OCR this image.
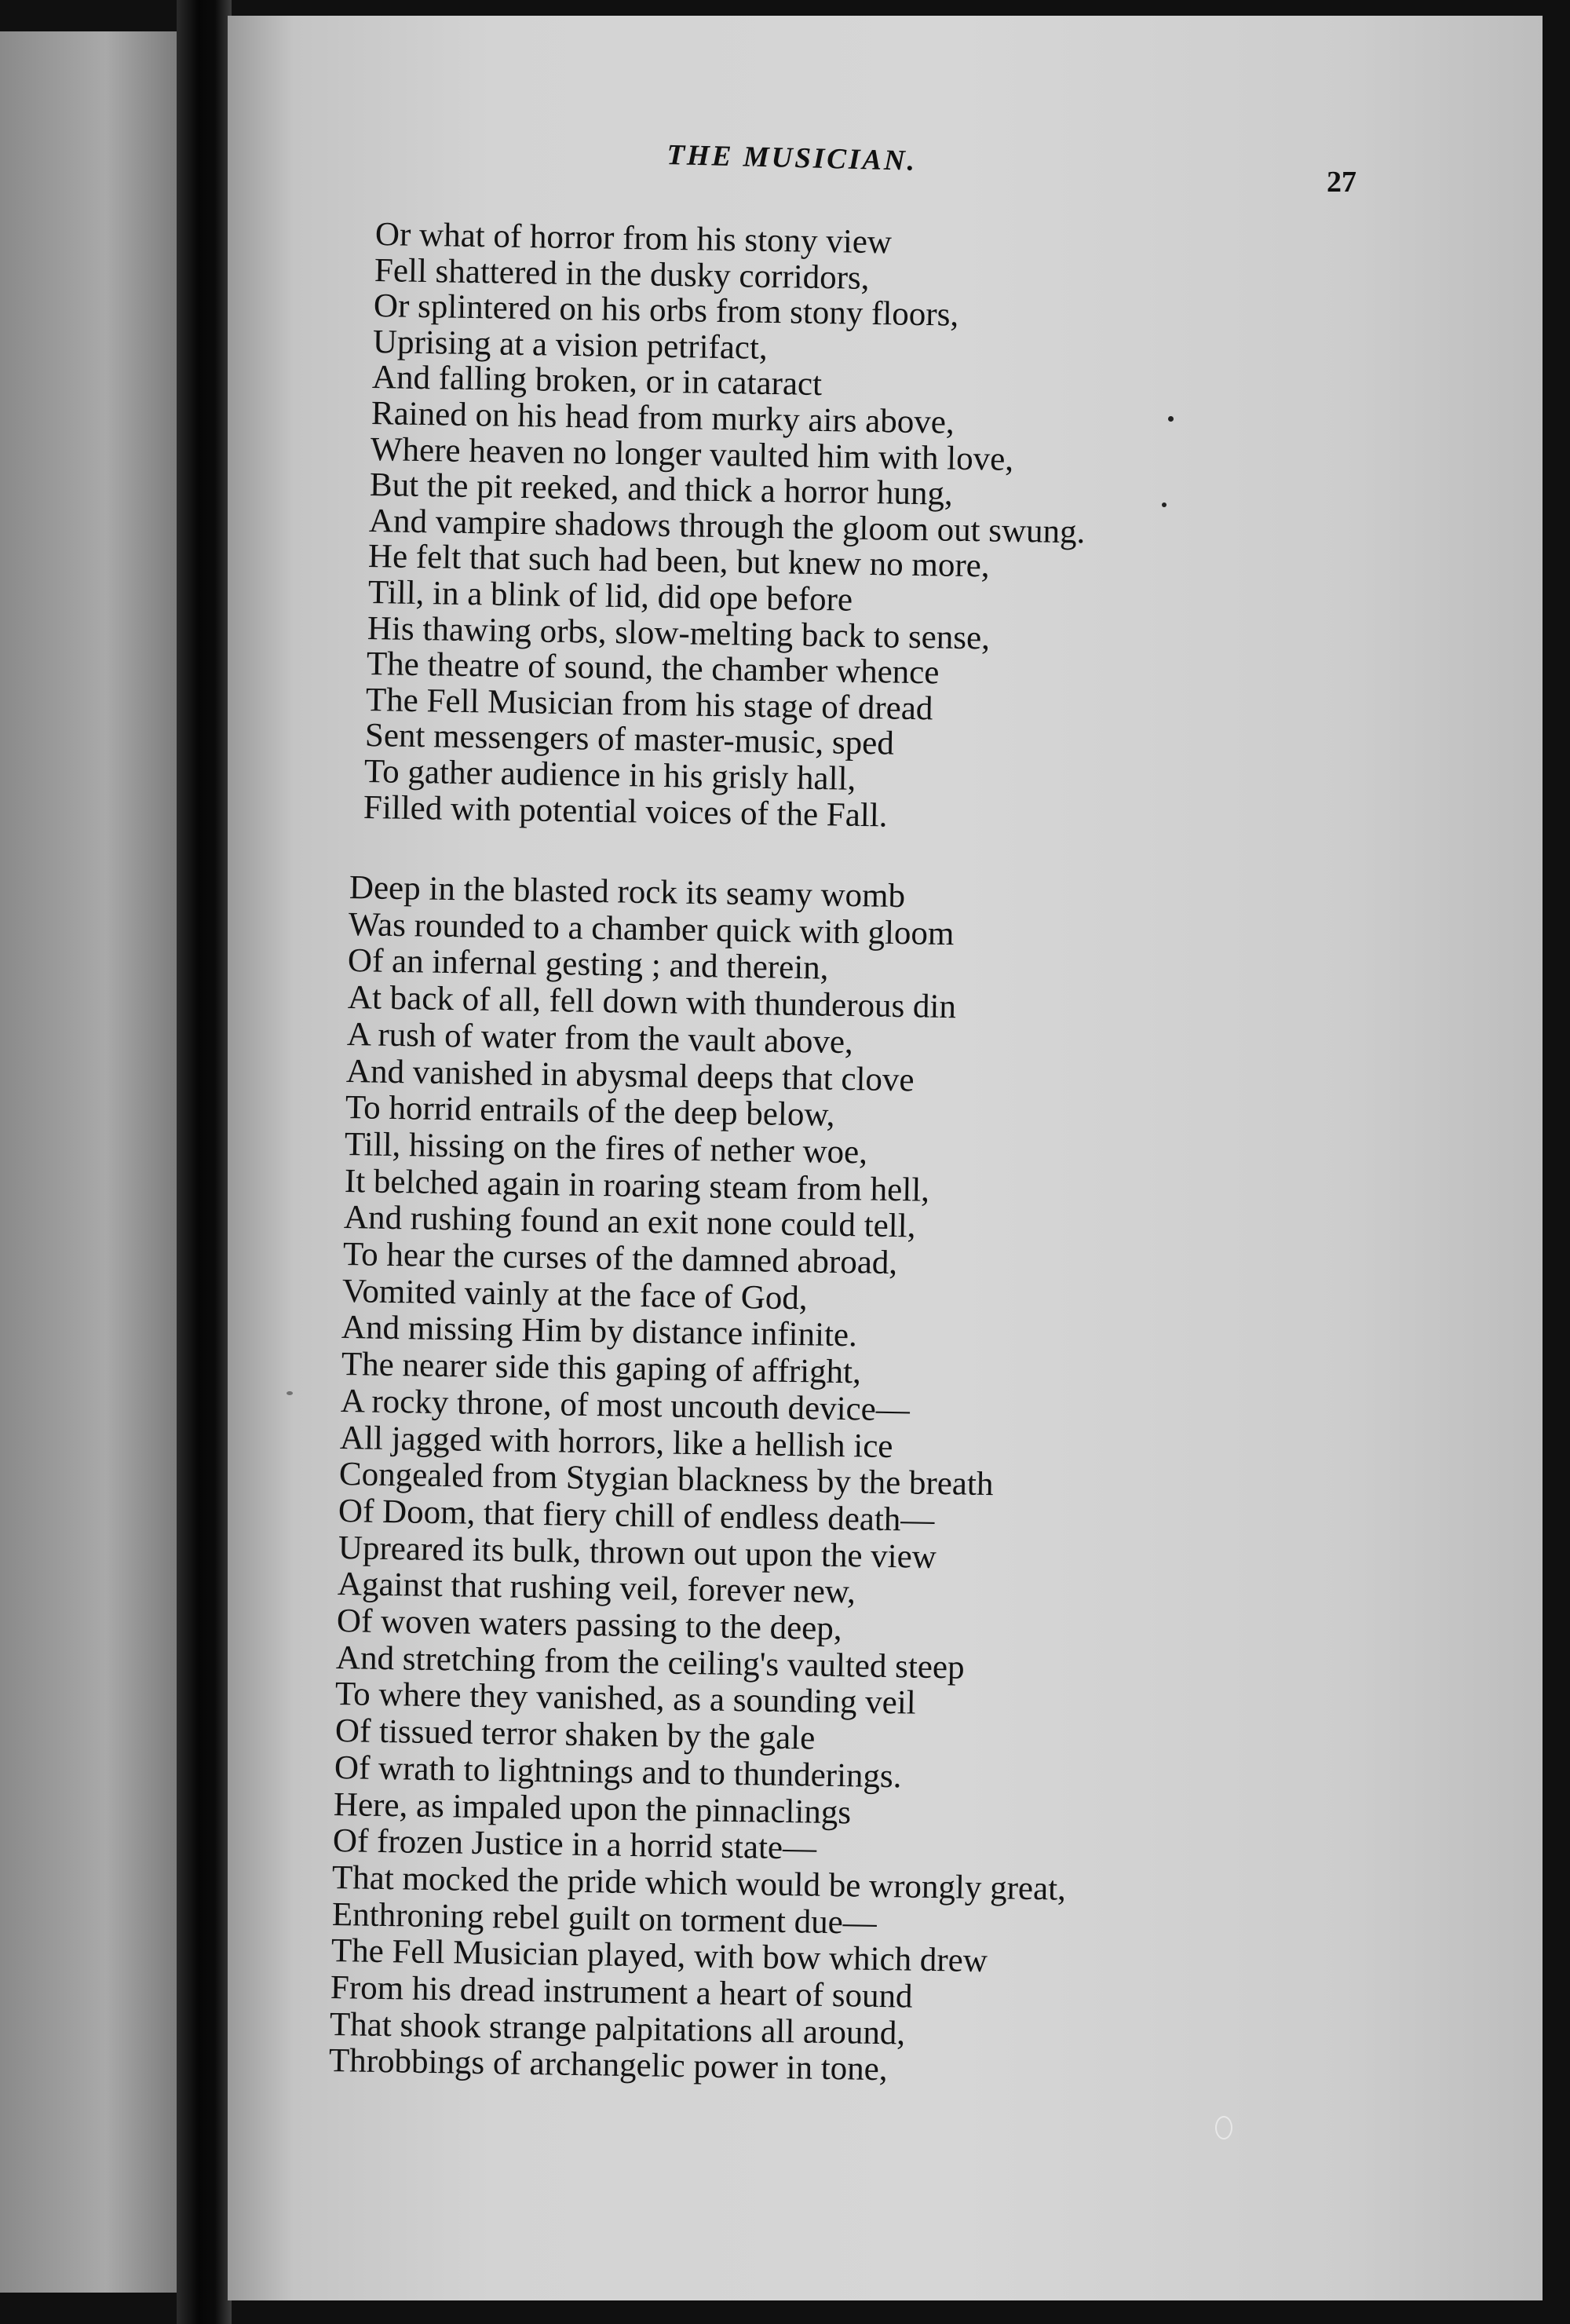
THE MUSICIAN.
27
Or what of horror from his stony view
Fell shattered in the dusky corridors,
Or splintered on his orbs from stony floors,
Uprising at a vision petrifact,
And falling broken, or in cataract
Rained on his head from murky airs above,
Where heaven no longer vaulted him with love,
But the pit reeked, and thick a horror hung,
And vampire shadows through the gloom out swung.
He felt that such had been, but knew no more,
Till, in a blink of lid, did ope before
His thawing orbs, slow-melting back to sense,
The theatre of sound, the chamber whence
The Fell Musician from his stage of dread
Sent messengers of master-music, sped
To gather audience in his grisly hall,
Filled with potential voices of the Fall.
Deep in the blasted rock its seamy womb
Was rounded to a chamber quick with gloom
Of an infernal gesting ; and therein,
At back of all, fell down with thunderous din
A rush of water from the vault above,
And vanished in abysmal deeps that clove
To horrid entrails of the deep below,
Till, hissing on the fires of nether woe,
It belched again in roaring steam from hell,
And rushing found an exit none could tell,
To hear the curses of the damned abroad,
Vomited vainly at the face of God,
And missing Him by distance infinite.
The nearer side this gaping of affright,
A rocky throne, of most uncouth device—
All jagged with horrors, like a hellish ice
Congealed from Stygian blackness by the breath
Of Doom, that fiery chill of endless death—
Upreared its bulk, thrown out upon the view
Against that rushing veil, forever new,
Of woven waters passing to the deep,
And stretching from the ceiling's vaulted steep
To where they vanished, as a sounding veil
Of tissued terror shaken by the gale
Of wrath to lightnings and to thunderings.
Here, as impaled upon the pinnaclings
Of frozen Justice in a horrid state—
That mocked the pride which would be wrongly great,
Enthroning rebel guilt on torment due—
The Fell Musician played, with bow which drew
From his dread instrument a heart of sound
That shook strange palpitations all around,
Throbbings of archangelic power in tone,
